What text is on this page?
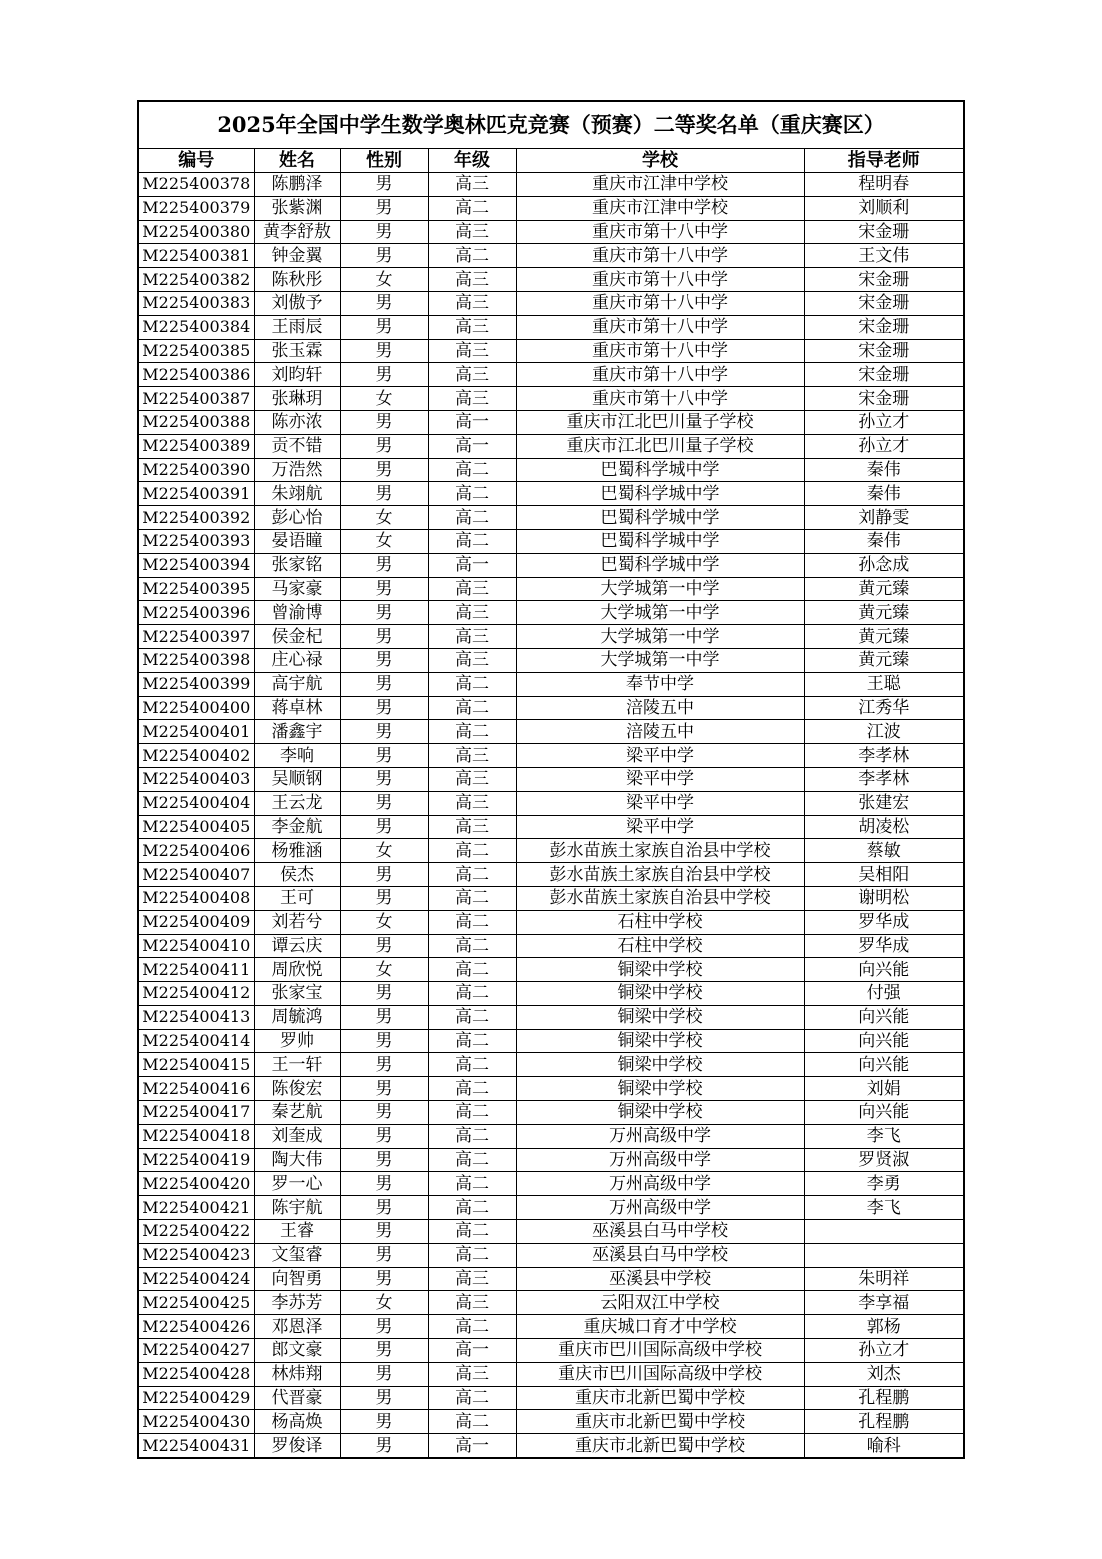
2025年全国中学生数学奥林匹克竞赛（预赛）二等奖名单（重庆赛区）					
编号	姓名	性别	年级	学校	指导老师
M225400378	陈鹏泽	男	高三	重庆市江津中学校	程明春
M225400379	张紫渊	男	高二	重庆市江津中学校	刘顺利
M225400380	黄李舒敖	男	高三	重庆市第十八中学	宋金珊
M225400381	钟金翼	男	高二	重庆市第十八中学	王文伟
M225400382	陈秋彤	女	高三	重庆市第十八中学	宋金珊
M225400383	刘傲予	男	高三	重庆市第十八中学	宋金珊
M225400384	王雨辰	男	高三	重庆市第十八中学	宋金珊
M225400385	张玉霖	男	高三	重庆市第十八中学	宋金珊
M225400386	刘昀轩	男	高三	重庆市第十八中学	宋金珊
M225400387	张琳玥	女	高三	重庆市第十八中学	宋金珊
M225400388	陈亦浓	男	高一	重庆市江北巴川量子学校	孙立才
M225400389	贡不错	男	高一	重庆市江北巴川量子学校	孙立才
M225400390	万浩然	男	高二	巴蜀科学城中学	秦伟
M225400391	朱翊航	男	高二	巴蜀科学城中学	秦伟
M225400392	彭心怡	女	高二	巴蜀科学城中学	刘静雯
M225400393	晏语瞳	女	高二	巴蜀科学城中学	秦伟
M225400394	张家铭	男	高一	巴蜀科学城中学	孙念成
M225400395	马家豪	男	高三	大学城第一中学	黄元臻
M225400396	曾渝博	男	高三	大学城第一中学	黄元臻
M225400397	侯金杞	男	高三	大学城第一中学	黄元臻
M225400398	庄心禄	男	高三	大学城第一中学	黄元臻
M225400399	高宇航	男	高二	奉节中学	王聪
M225400400	蒋卓林	男	高二	涪陵五中	江秀华
M225400401	潘鑫宇	男	高二	涪陵五中	江波
M225400402	李响	男	高三	梁平中学	李孝林
M225400403	吴顺钢	男	高三	梁平中学	李孝林
M225400404	王云龙	男	高三	梁平中学	张建宏
M225400405	李金航	男	高三	梁平中学	胡凌松
M225400406	杨雅涵	女	高二	彭水苗族土家族自治县中学校	蔡敏
M225400407	侯杰	男	高二	彭水苗族土家族自治县中学校	吴相阳
M225400408	王可	男	高二	彭水苗族土家族自治县中学校	谢明松
M225400409	刘若兮	女	高二	石柱中学校	罗华成
M225400410	谭云庆	男	高二	石柱中学校	罗华成
M225400411	周欣悦	女	高二	铜梁中学校	向兴能
M225400412	张家宝	男	高二	铜梁中学校	付强
M225400413	周毓鸿	男	高二	铜梁中学校	向兴能
M225400414	罗帅	男	高二	铜梁中学校	向兴能
M225400415	王一轩	男	高二	铜梁中学校	向兴能
M225400416	陈俊宏	男	高二	铜梁中学校	刘娟
M225400417	秦艺航	男	高二	铜梁中学校	向兴能
M225400418	刘奎成	男	高二	万州高级中学	李飞
M225400419	陶大伟	男	高二	万州高级中学	罗贤淑
M225400420	罗一心	男	高二	万州高级中学	李勇
M225400421	陈宇航	男	高二	万州高级中学	李飞
M225400422	王睿	男	高二	巫溪县白马中学校	
M225400423	文玺睿	男	高二	巫溪县白马中学校	
M225400424	向智勇	男	高三	巫溪县中学校	朱明祥
M225400425	李苏芳	女	高三	云阳双江中学校	李享福
M225400426	邓恩泽	男	高二	重庆城口育才中学校	郭杨
M225400427	郎文豪	男	高一	重庆市巴川国际高级中学校	孙立才
M225400428	林炜翔	男	高三	重庆市巴川国际高级中学校	刘杰
M225400429	代晋豪	男	高二	重庆市北新巴蜀中学校	孔程鹏
M225400430	杨高焕	男	高二	重庆市北新巴蜀中学校	孔程鹏
M225400431	罗俊译	男	高一	重庆市北新巴蜀中学校	喻科
